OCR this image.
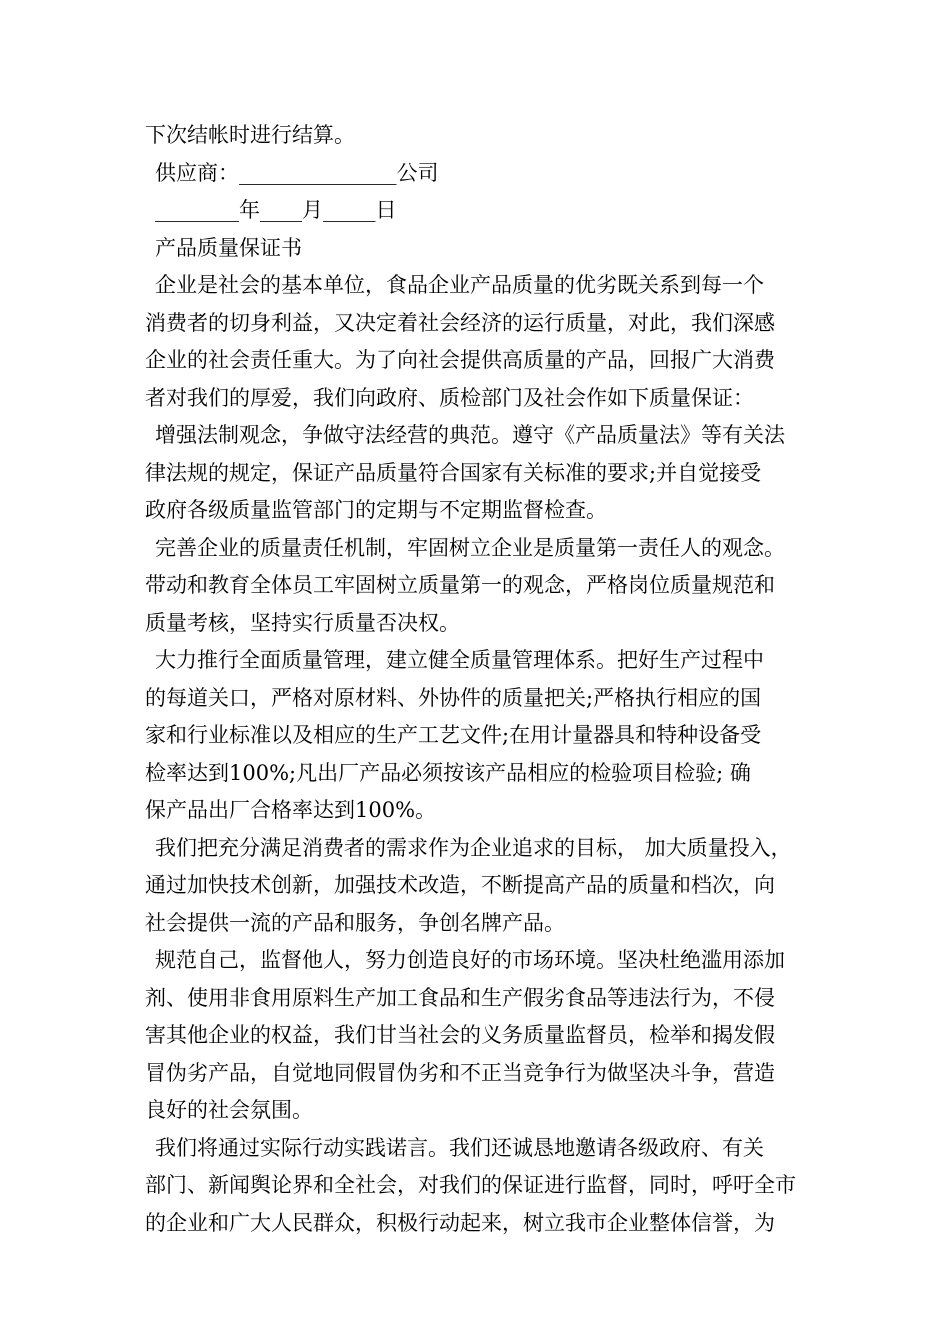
下次结帐时进行结算。
供应商：_______________公司
________年____月_____日
产品质量保证书
企业是社会的基本单位，食品企业产品质量的优劣既关系到每一个
消费者的切身利益，又决定着社会经济的运行质量，对此，我们深感
企业的社会责任重大。为了向社会提供高质量的产品，回报广大消费
者对我们的厚爱，我们向政府、质检部门及社会作如下质量保证：
增强法制观念，争做守法经营的典范。遵守《产品质量法》等有关法
律法规的规定，保证产品质量符合国家有关标准的要求;并自觉接受
政府各级质量监管部门的定期与不定期监督检查。
完善企业的质量责任机制，牢固树立企业是质量第一责任人的观念。
带动和教育全体员工牢固树立质量第一的观念，严格岗位质量规范和
质量考核，坚持实行质量否决权。
大力推行全面质量管理，建立健全质量管理体系。把好生产过程中
的每道关口，严格对原材料、外协件的质量把关;严格执行相应的国
家和行业标准以及相应的生产工艺文件;在用计量器具和特种设备受
检率达到100%;凡出厂产品必须按该产品相应的检验项目检验; 确
保产品出厂合格率达到100%。
我们把充分满足消费者的需求作为企业追求的目标， 加大质量投入，
通过加快技术创新，加强技术改造，不断提高产品的质量和档次，向
社会提供一流的产品和服务，争创名牌产品。
规范自己，监督他人，努力创造良好的市场环境。坚决杜绝滥用添加
剂、使用非食用原料生产加工食品和生产假劣食品等违法行为，不侵
害其他企业的权益，我们甘当社会的义务质量监督员，检举和揭发假
冒伪劣产品，自觉地同假冒伪劣和不正当竞争行为做坚决斗争，营造
良好的社会氛围。
我们将通过实际行动实践诺言。我们还诚恳地邀请各级政府、有关
部门、新闻舆论界和全社会，对我们的保证进行监督，同时，呼吁全市
的企业和广大人民群众，积极行动起来，树立我市企业整体信誉，为
